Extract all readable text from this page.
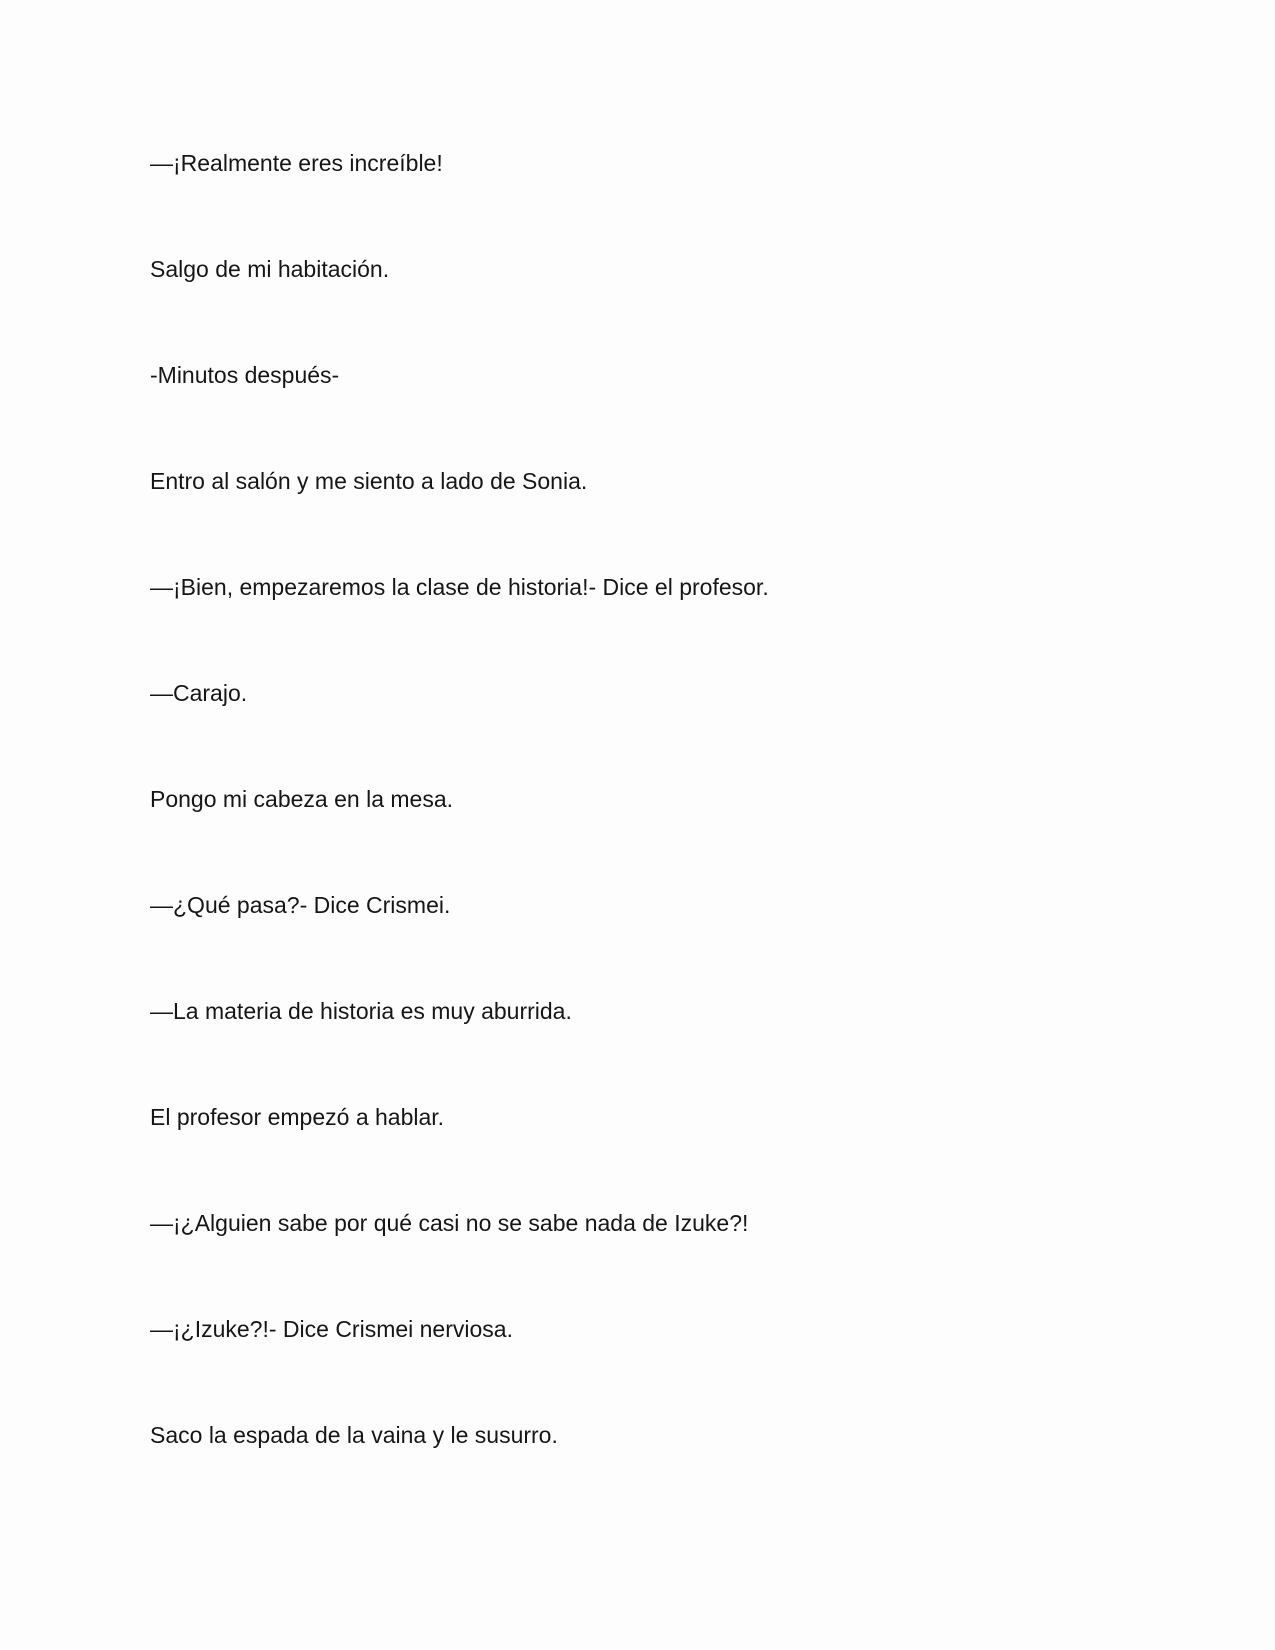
—¡Realmente eres increíble!

Salgo de mi habitación.

-Minutos después-

Entro al salón y me siento a lado de Sonia.

—¡Bien, empezaremos la clase de historia!- Dice el profesor.

—Carajo.

Pongo mi cabeza en la mesa.

—¿Qué pasa?- Dice Crismei.

—La materia de historia es muy aburrida.

El profesor empezó a hablar.

—¡¿Alguien sabe por qué casi no se sabe nada de Izuke?!

—¡¿Izuke?!- Dice Crismei nerviosa.

Saco la espada de la vaina y le susurro.
